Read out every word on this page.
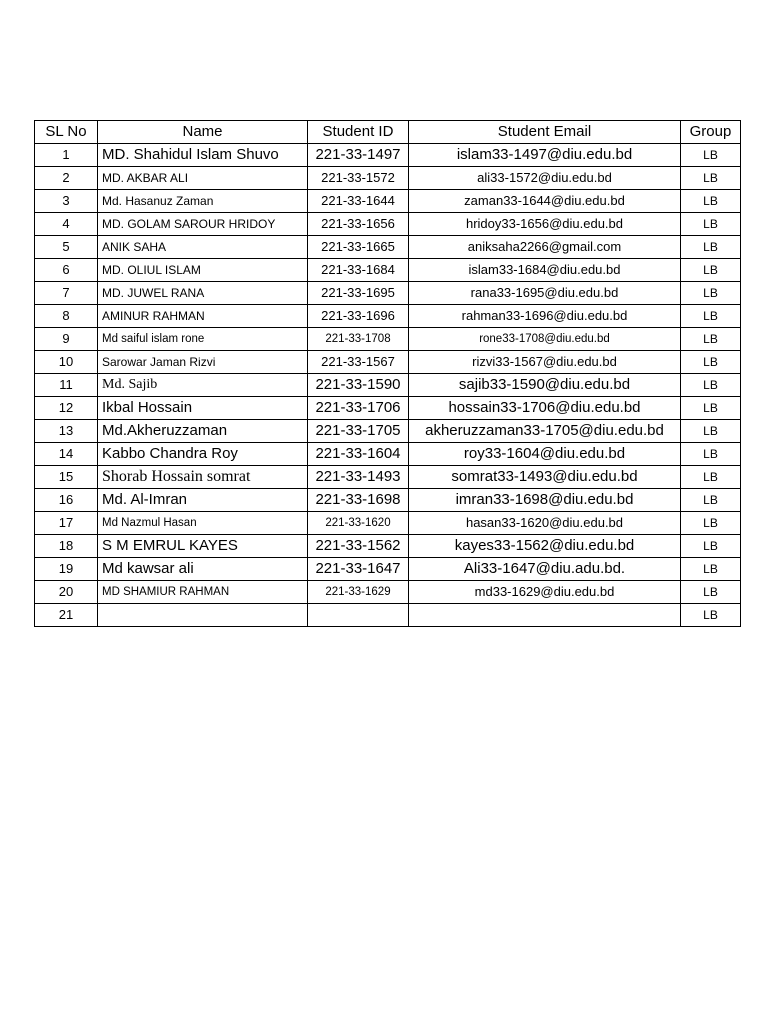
SL No	Name	Student ID	Student Email	Group
1	MD. Shahidul Islam Shuvo	221-33-1497	islam33-1497@diu.edu.bd	LB
2	MD. AKBAR ALI	221-33-1572	ali33-1572@diu.edu.bd	LB
3	Md. Hasanuz Zaman	221-33-1644	zaman33-1644@diu.edu.bd	LB
4	MD. GOLAM SAROUR HRIDOY	221-33-1656	hridoy33-1656@diu.edu.bd	LB
5	ANIK SAHA	221-33-1665	aniksaha2266@gmail.com	LB
6	MD. OLIUL ISLAM	221-33-1684	islam33-1684@diu.edu.bd	LB
7	MD. JUWEL RANA	221-33-1695	rana33-1695@diu.edu.bd	LB
8	AMINUR RAHMAN	221-33-1696	rahman33-1696@diu.edu.bd	LB
9	Md saiful islam rone	221-33-1708	rone33-1708@diu.edu.bd	LB
10	Sarowar Jaman Rizvi	221-33-1567	rizvi33-1567@diu.edu.bd	LB
11	Md. Sajib	221-33-1590	sajib33-1590@diu.edu.bd	LB
12	Ikbal Hossain	221-33-1706	hossain33-1706@diu.edu.bd	LB
13	Md.Akheruzzaman	221-33-1705	akheruzzaman33-1705@diu.edu.bd	LB
14	Kabbo Chandra Roy	221-33-1604	roy33-1604@diu.edu.bd	LB
15	Shorab Hossain somrat	221-33-1493	somrat33-1493@diu.edu.bd	LB
16	Md. Al-Imran	221-33-1698	imran33-1698@diu.edu.bd	LB
17	Md Nazmul Hasan	221-33-1620	hasan33-1620@diu.edu.bd	LB
18	S M EMRUL KAYES	221-33-1562	kayes33-1562@diu.edu.bd	LB
19	Md kawsar ali	221-33-1647	Ali33-1647@diu.adu.bd.	LB
20	MD SHAMIUR RAHMAN	221-33-1629	md33-1629@diu.edu.bd	LB
21				LB
